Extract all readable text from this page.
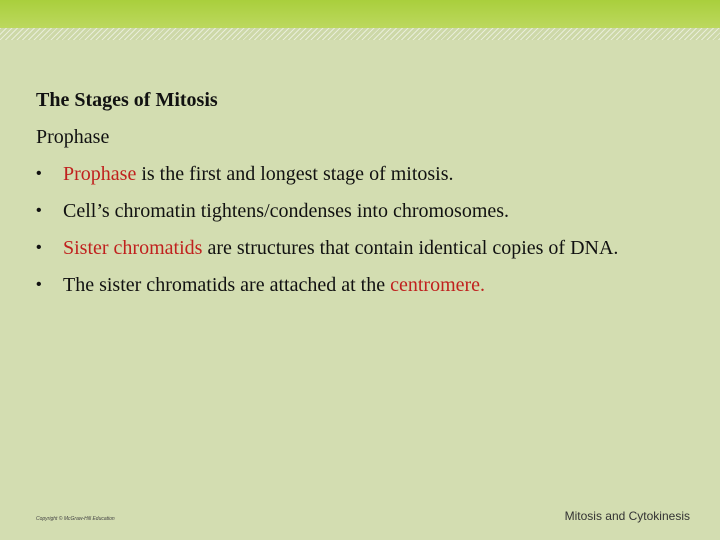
The Stages of Mitosis

Prophase

• Prophase is the first and longest stage of mitosis.
• Cell’s chromatin tightens/condenses into chromosomes.
• Sister chromatids are structures that contain identical copies of DNA.
• The sister chromatids are attached at the centromere.
Copyright © McGraw-Hill Education	Mitosis and Cytokinesis
